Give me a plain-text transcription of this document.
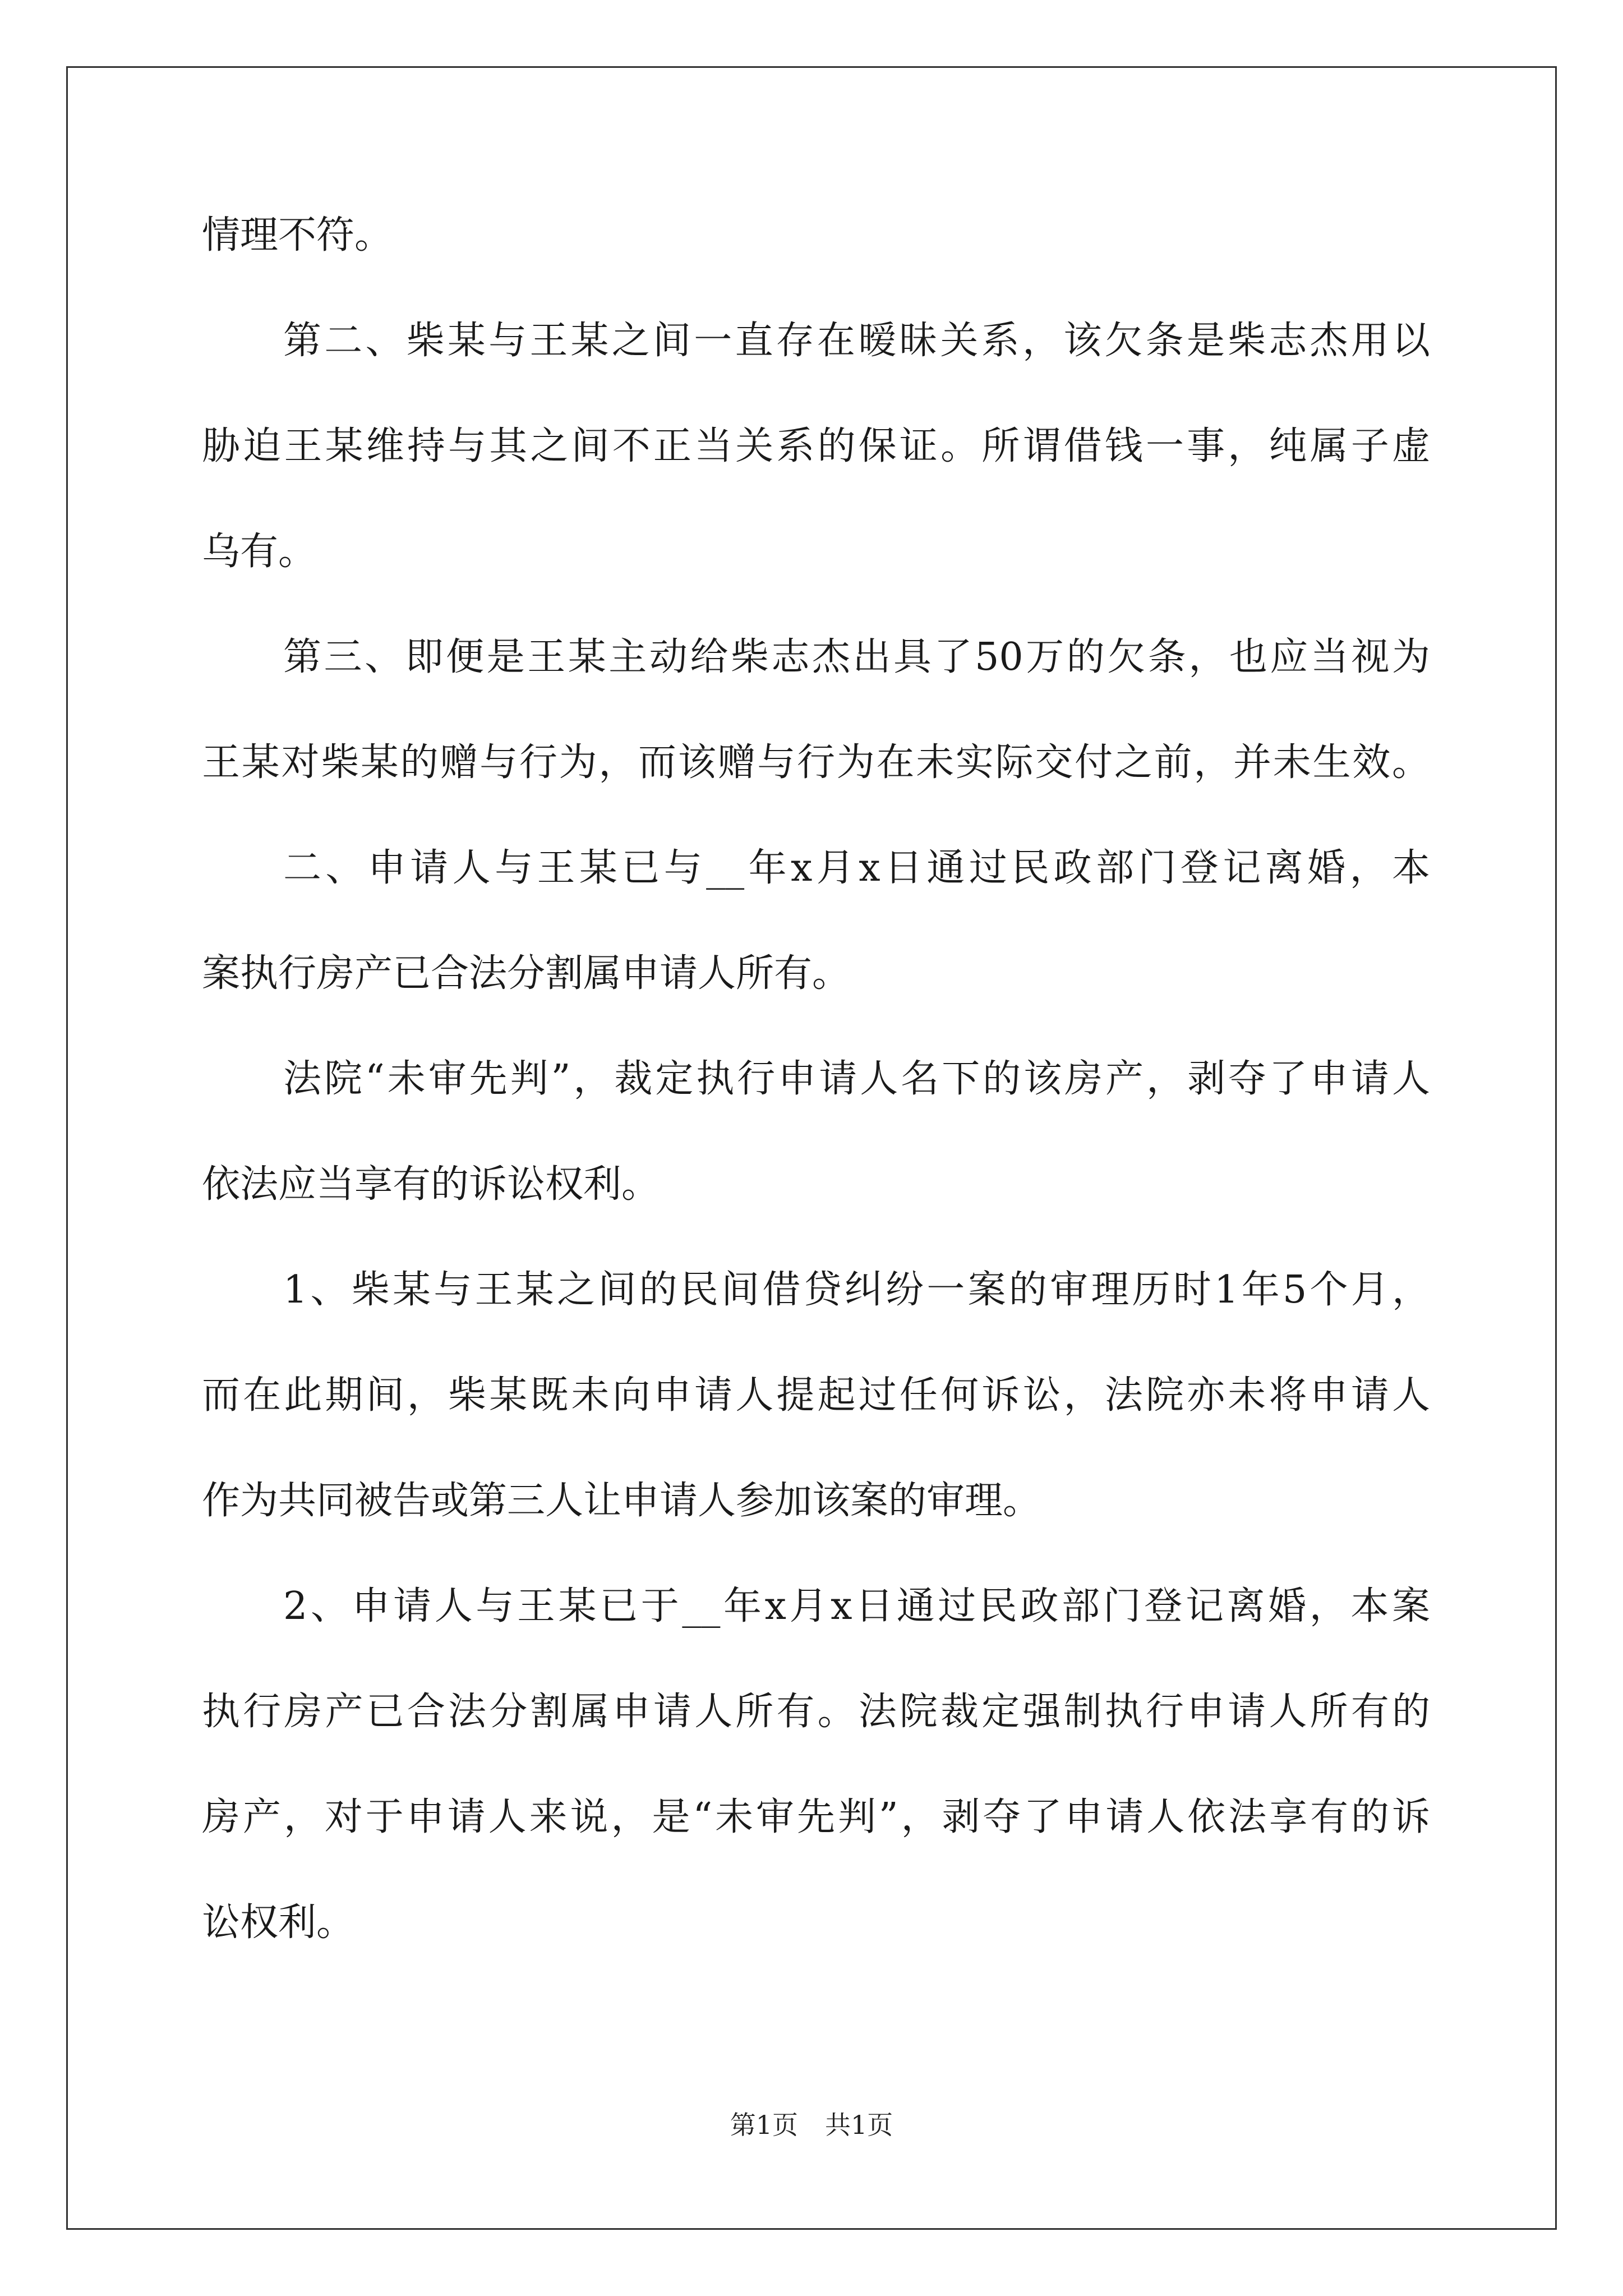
情理不符。
第二、柴某与王某之间一直存在暧昧关系，该欠条是柴志杰用以
胁迫王某维持与其之间不正当关系的保证。所谓借钱一事，纯属子虚
乌有。
第三、即便是王某主动给柴志杰出具了50万的欠条，也应当视为
王某对柴某的赠与行为，而该赠与行为在未实际交付之前，并未生效。
二、申请人与王某已与__年x月x日通过民政部门登记离婚，本
案执行房产已合法分割属申请人所有。
法院“未审先判”，裁定执行申请人名下的该房产，剥夺了申请人
依法应当享有的诉讼权利。
1、柴某与王某之间的民间借贷纠纷一案的审理历时1年5个月，
而在此期间，柴某既未向申请人提起过任何诉讼，法院亦未将申请人
作为共同被告或第三人让申请人参加该案的审理。
2、申请人与王某已于__年x月x日通过民政部门登记离婚，本案
执行房产已合法分割属申请人所有。法院裁定强制执行申请人所有的
房产，对于申请人来说，是“未审先判”，剥夺了申请人依法享有的诉
讼权利。
第1页 共1页
